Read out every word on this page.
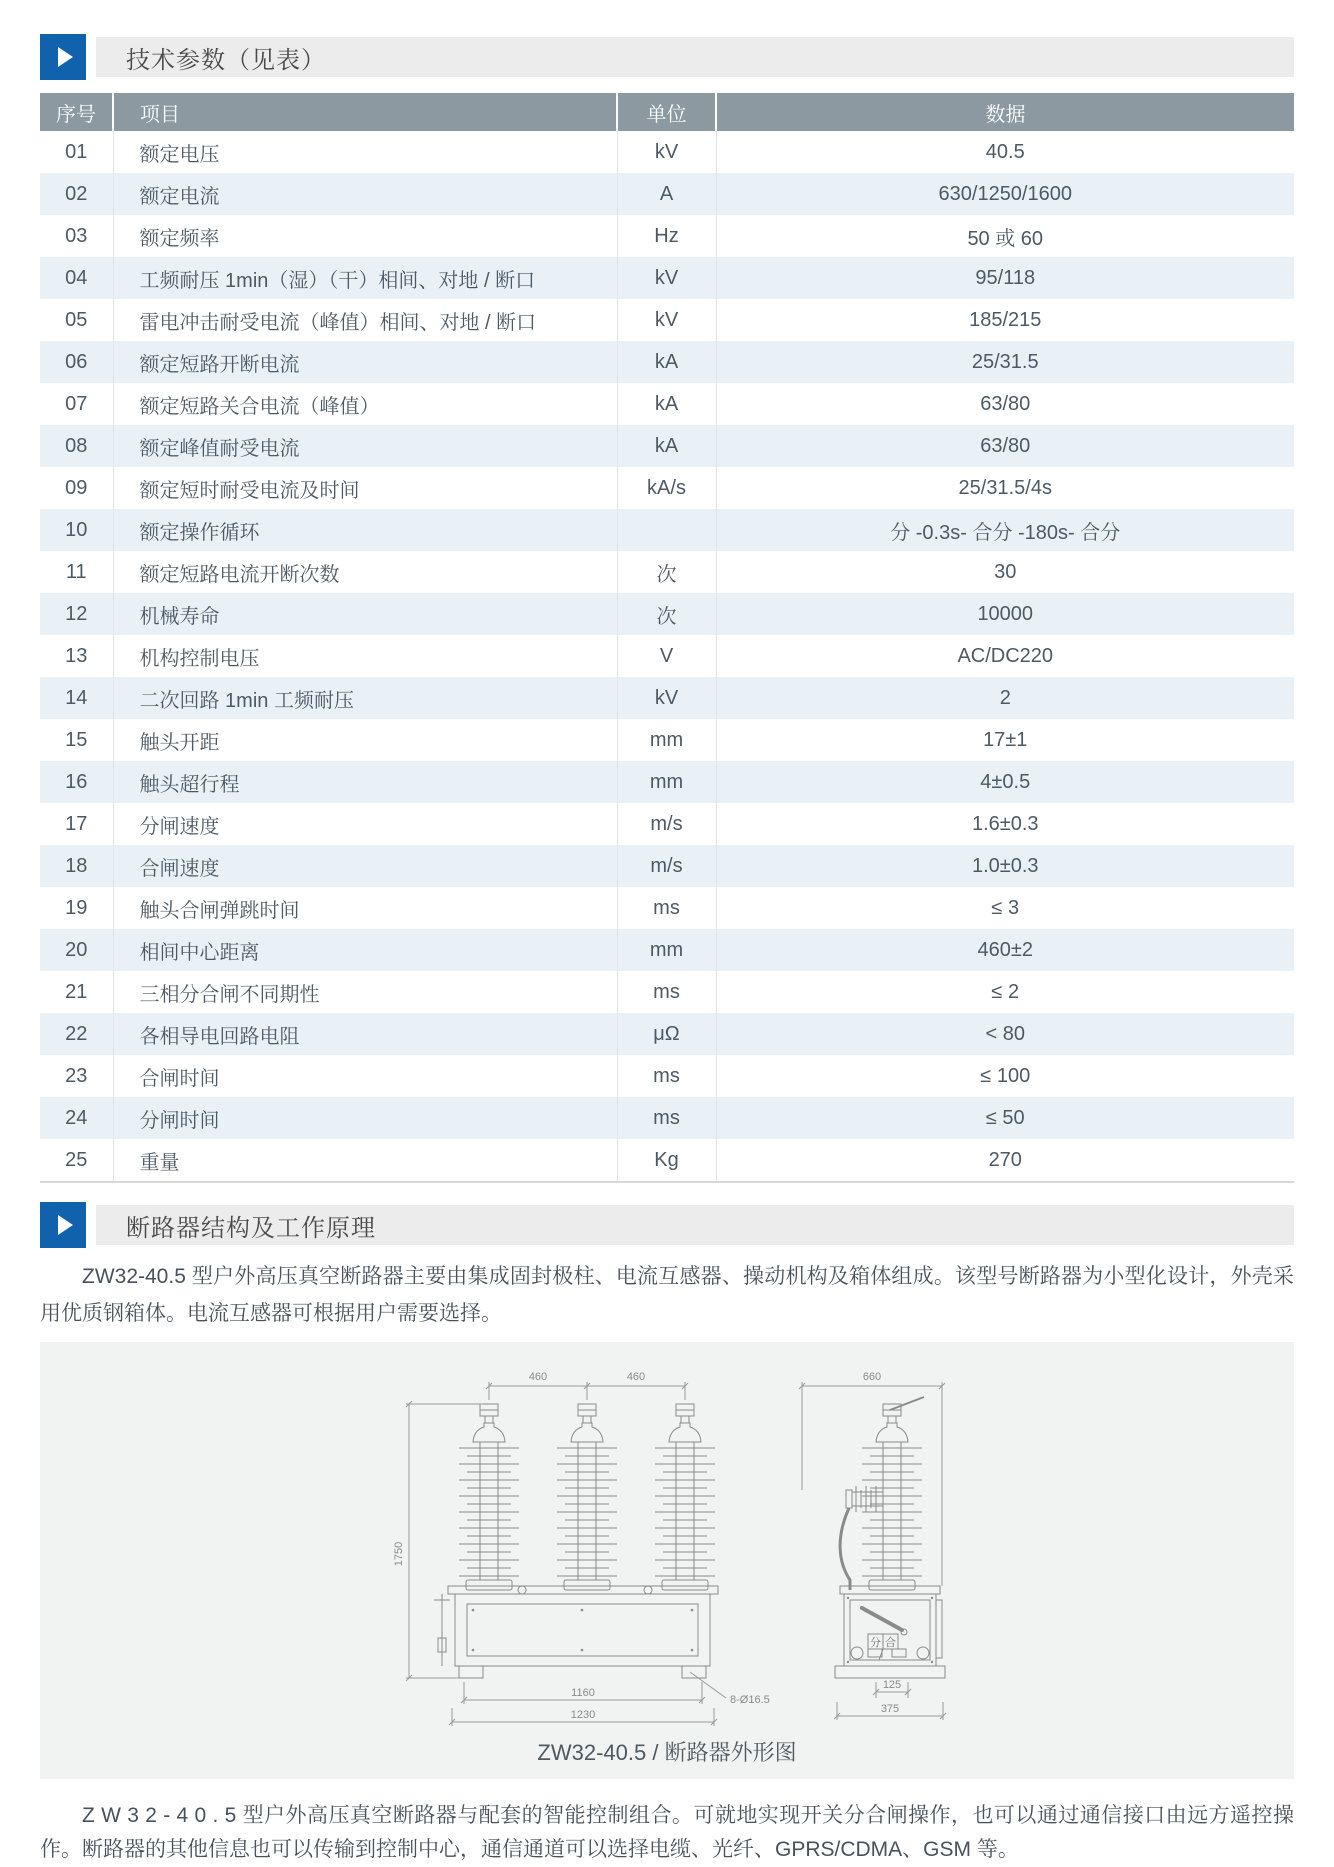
技术参数（见表）
序号	项目	单位	数据
01	额定电压	kV	40.5
02	额定电流	A	630/1250/1600
03	额定频率	Hz	50 或 60
04	工频耐压 1min（湿）（干）相间、对地 / 断口	kV	95/118
05	雷电冲击耐受电流（峰值）相间、对地 / 断口	kV	185/215
06	额定短路开断电流	kA	25/31.5
07	额定短路关合电流（峰值）	kA	63/80
08	额定峰值耐受电流	kA	63/80
09	额定短时耐受电流及时间	kA/s	25/31.5/4s
10	额定操作循环		分 -0.3s- 合分 -180s- 合分
11	额定短路电流开断次数	次	30
12	机械寿命	次	10000
13	机构控制电压	V	AC/DC220
14	二次回路 1min 工频耐压	kV	2
15	触头开距	mm	17±1
16	触头超行程	mm	4±0.5
17	分闸速度	m/s	1.6±0.3
18	合闸速度	m/s	1.0±0.3
19	触头合闸弹跳时间	ms	≤ 3
20	相间中心距离	mm	460±2
21	三相分合闸不同期性	ms	≤ 2
22	各相导电回路电阻	μΩ	< 80
23	合闸时间	ms	≤ 100
24	分闸时间	ms	≤ 50
25	重量	Kg	270
断路器结构及工作原理

ZW32-40.5 型户外高压真空断路器主要由集成固封极柱、电流互感器、操动机构及箱体组成。该型号断路器为小型化设计，外壳采用优质钢箱体。电流互感器可根据用户需要选择。

460	460
1750
1160
1230
8-Ø16.5
分 合
660
125
375
ZW32-40.5 / 断路器外形图

Z W 3 2 - 4 0 . 5 型户外高压真空断路器与配套的智能控制组合。可就地实现开关分合闸操作，也可以通过通信接口由远方遥控操作。断路器的其他信息也可以传输到控制中心，通信通道可以选择电缆、光纤、GPRS/CDMA、GSM 等。
